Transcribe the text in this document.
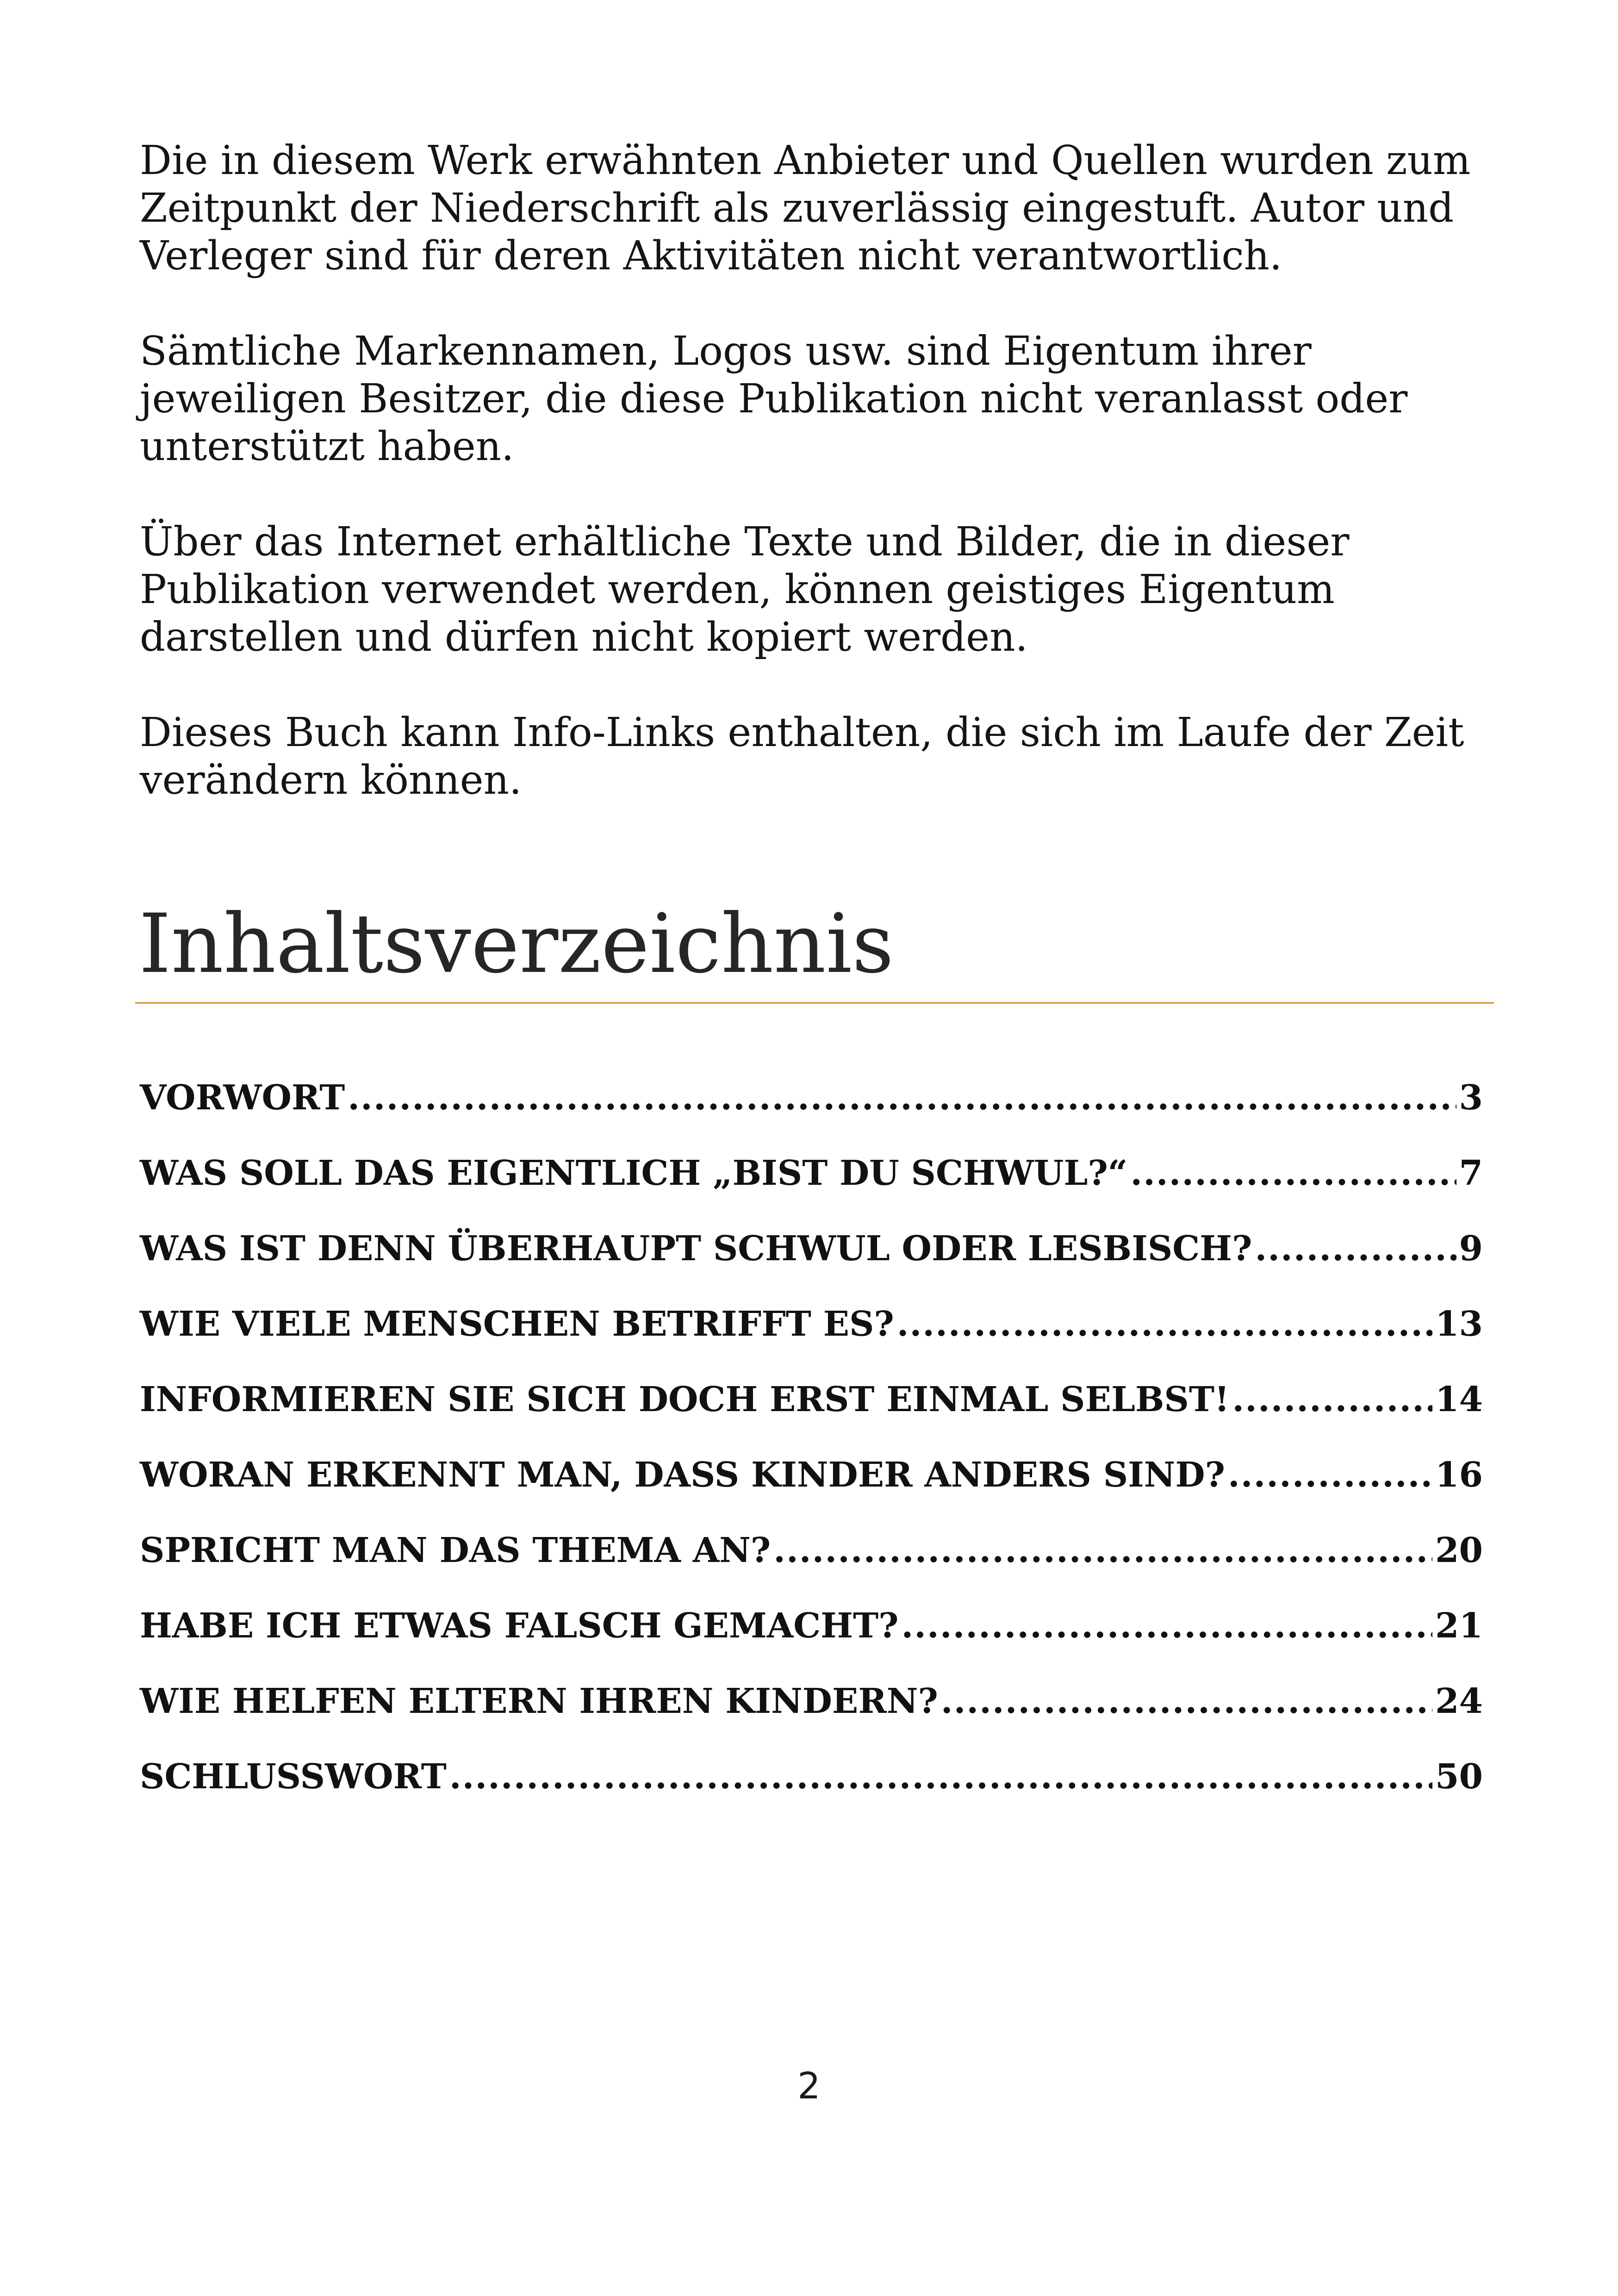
Die in diesem Werk erwähnten Anbieter und Quellen wurden zum Zeitpunkt der Niederschrift als zuverlässig eingestuft. Autor und Verleger sind für deren Aktivitäten nicht verantwortlich.

Sämtliche Markennamen, Logos usw. sind Eigentum ihrer jeweiligen Besitzer, die diese Publikation nicht veranlasst oder unterstützt haben.

Über das Internet erhältliche Texte und Bilder, die in dieser Publikation verwendet werden, können geistiges Eigentum darstellen und dürfen nicht kopiert werden.

Dieses Buch kann Info-Links enthalten, die sich im Laufe der Zeit verändern können.

Inhaltsverzeichnis
VORWORT .....	3
WAS SOLL DAS EIGENTLICH „BIST DU SCHWUL?“ .....	7
WAS IST DENN ÜBERHAUPT SCHWUL ODER LESBISCH? .....	9
WIE VIELE MENSCHEN BETRIFFT ES? .....	13
INFORMIEREN SIE SICH DOCH ERST EINMAL SELBST! .....	14
WORAN ERKENNT MAN, DASS KINDER ANDERS SIND? .....	16
SPRICHT MAN DAS THEMA AN? .....	20
HABE ICH ETWAS FALSCH GEMACHT? .....	21
WIE HELFEN ELTERN IHREN KINDERN? .....	24
SCHLUSSWORT .....	50

2
